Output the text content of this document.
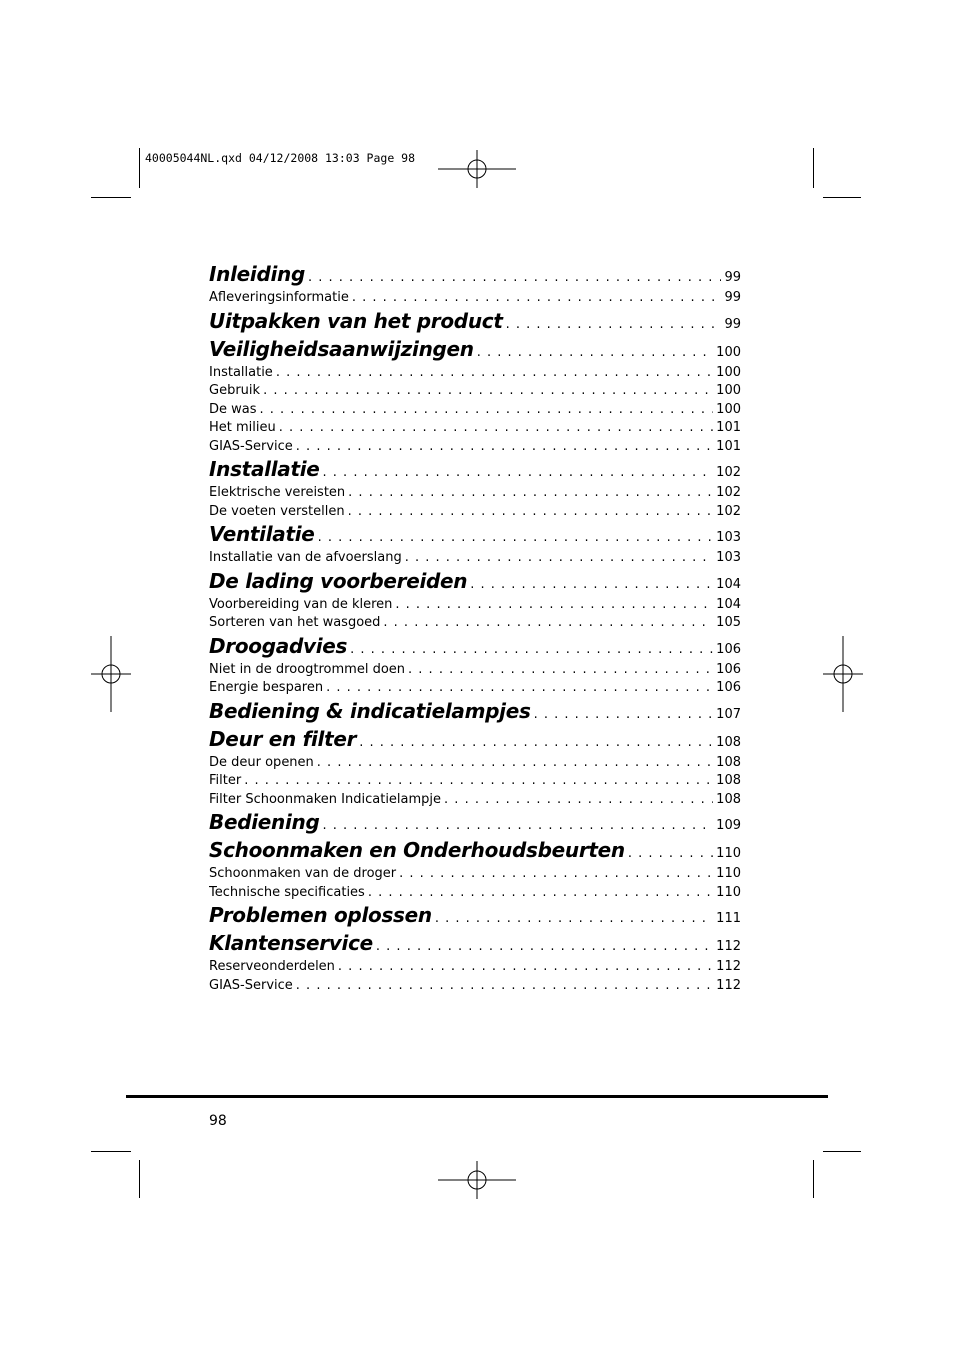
40005044NL.qxd 04/12/2008 13:03 Page 98
Inleiding . . .	99
Afleveringsinformatie . . .	99
Uitpakken van het product . . .	99
Veiligheidsaanwijzingen . . .	100
Installatie . . .	100
Gebruik . . .	100
De was . . .	100
Het milieu . . .	101
GIAS-Service . . .	101
Installatie . . .	102
Elektrische vereisten . . .	102
De voeten verstellen . . .	102
Ventilatie . . .	103
Installatie van de afvoerslang . . .	103
De lading voorbereiden . . .	104
Voorbereiding van de kleren . . .	104
Sorteren van het wasgoed . . .	105
Droogadvies . . .	106
Niet in de droogtrommel doen . . .	106
Energie besparen . . .	106
Bediening & indicatielampjes . . .	107
Deur en filter . . .	108
De deur openen . . .	108
Filter . . .	108
Filter Schoonmaken Indicatielampje . . .	108
Bediening . . .	109
Schoonmaken en Onderhoudsbeurten . . .	110
Schoonmaken van de droger . . .	110
Technische specificaties . . .	110
Problemen oplossen . . .	111
Klantenservice . . .	112
Reserveonderdelen . . .	112
GIAS-Service . . .	112
98
